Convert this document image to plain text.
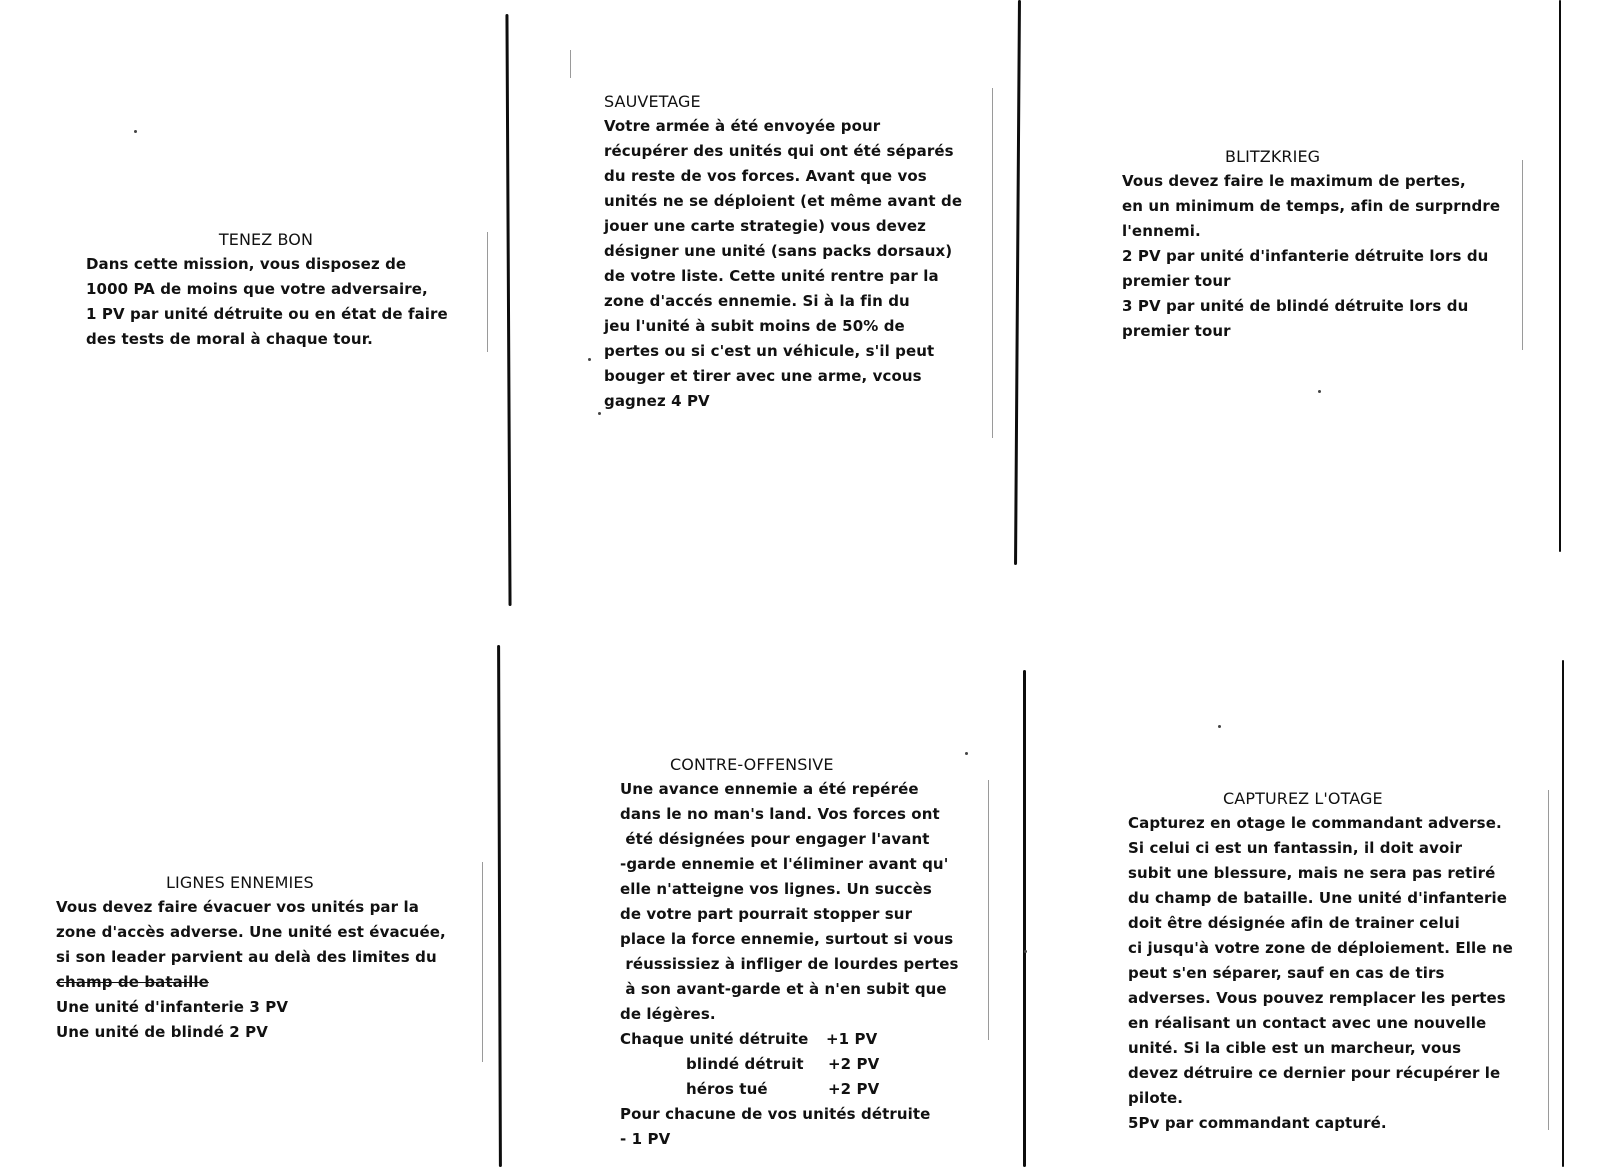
TENEZ BON
Dans cette mission, vous disposez de
1000 PA de moins que votre adversaire,
1 PV par unité détruite ou en état de faire
des tests de moral à chaque tour.
SAUVETAGE
Votre armée à été envoyée pour
récupérer des unités qui ont été séparés
du reste de vos forces. Avant que vos
unités ne se déploient (et même avant de
jouer une carte strategie) vous devez
désigner une unité (sans packs dorsaux)
de votre liste. Cette unité rentre par la
zone d'accés ennemie. Si à la fin du
jeu l'unité à subit moins de 50% de
pertes ou si c'est un véhicule, s'il peut
bouger et tirer avec une arme, vcous
gagnez 4 PV
BLITZKRIEG
Vous devez faire le maximum de pertes,
en un minimum de temps, afin de surprndre
l'ennemi.
2 PV par unité d'infanterie détruite lors du
premier tour
3 PV par unité de blindé détruite lors du
premier tour
LIGNES ENNEMIES
Vous devez faire évacuer vos unités par la
zone d'accès adverse. Une unité est évacuée,
si son leader parvient au delà des limites du
champ de bataille
Une unité d'infanterie 3 PV
Une unité de blindé 2 PV
CONTRE-OFFENSIVE
Une avance ennemie a été repérée
dans le no man's land. Vos forces ont
été désignées pour engager l'avant
-garde ennemie et l'éliminer avant qu'
elle n'atteigne vos lignes. Un succès
de votre part pourrait stopper sur
place la force ennemie, surtout si vous
réussissiez à infliger de lourdes pertes
à son avant-garde et à n'en subit que
de légères.
Chaque unité détruite +1 PV
blindé détruit +2 PV
héros tué	+2 PV
Pour chacune de vos unités détruite
- 1 PV
CAPTUREZ L'OTAGE
Capturez en otage le commandant adverse.
Si celui ci est un fantassin, il doit avoir
subit une blessure, mais ne sera pas retiré
du champ de bataille. Une unité d'infanterie
doit être désignée afin de trainer celui
ci jusqu'à votre zone de déploiement. Elle ne
peut s'en séparer, sauf en cas de tirs
adverses. Vous pouvez remplacer les pertes
en réalisant un contact avec une nouvelle
unité. Si la cible est un marcheur, vous
devez détruire ce dernier pour récupérer le
pilote.
5Pv par commandant capturé.
